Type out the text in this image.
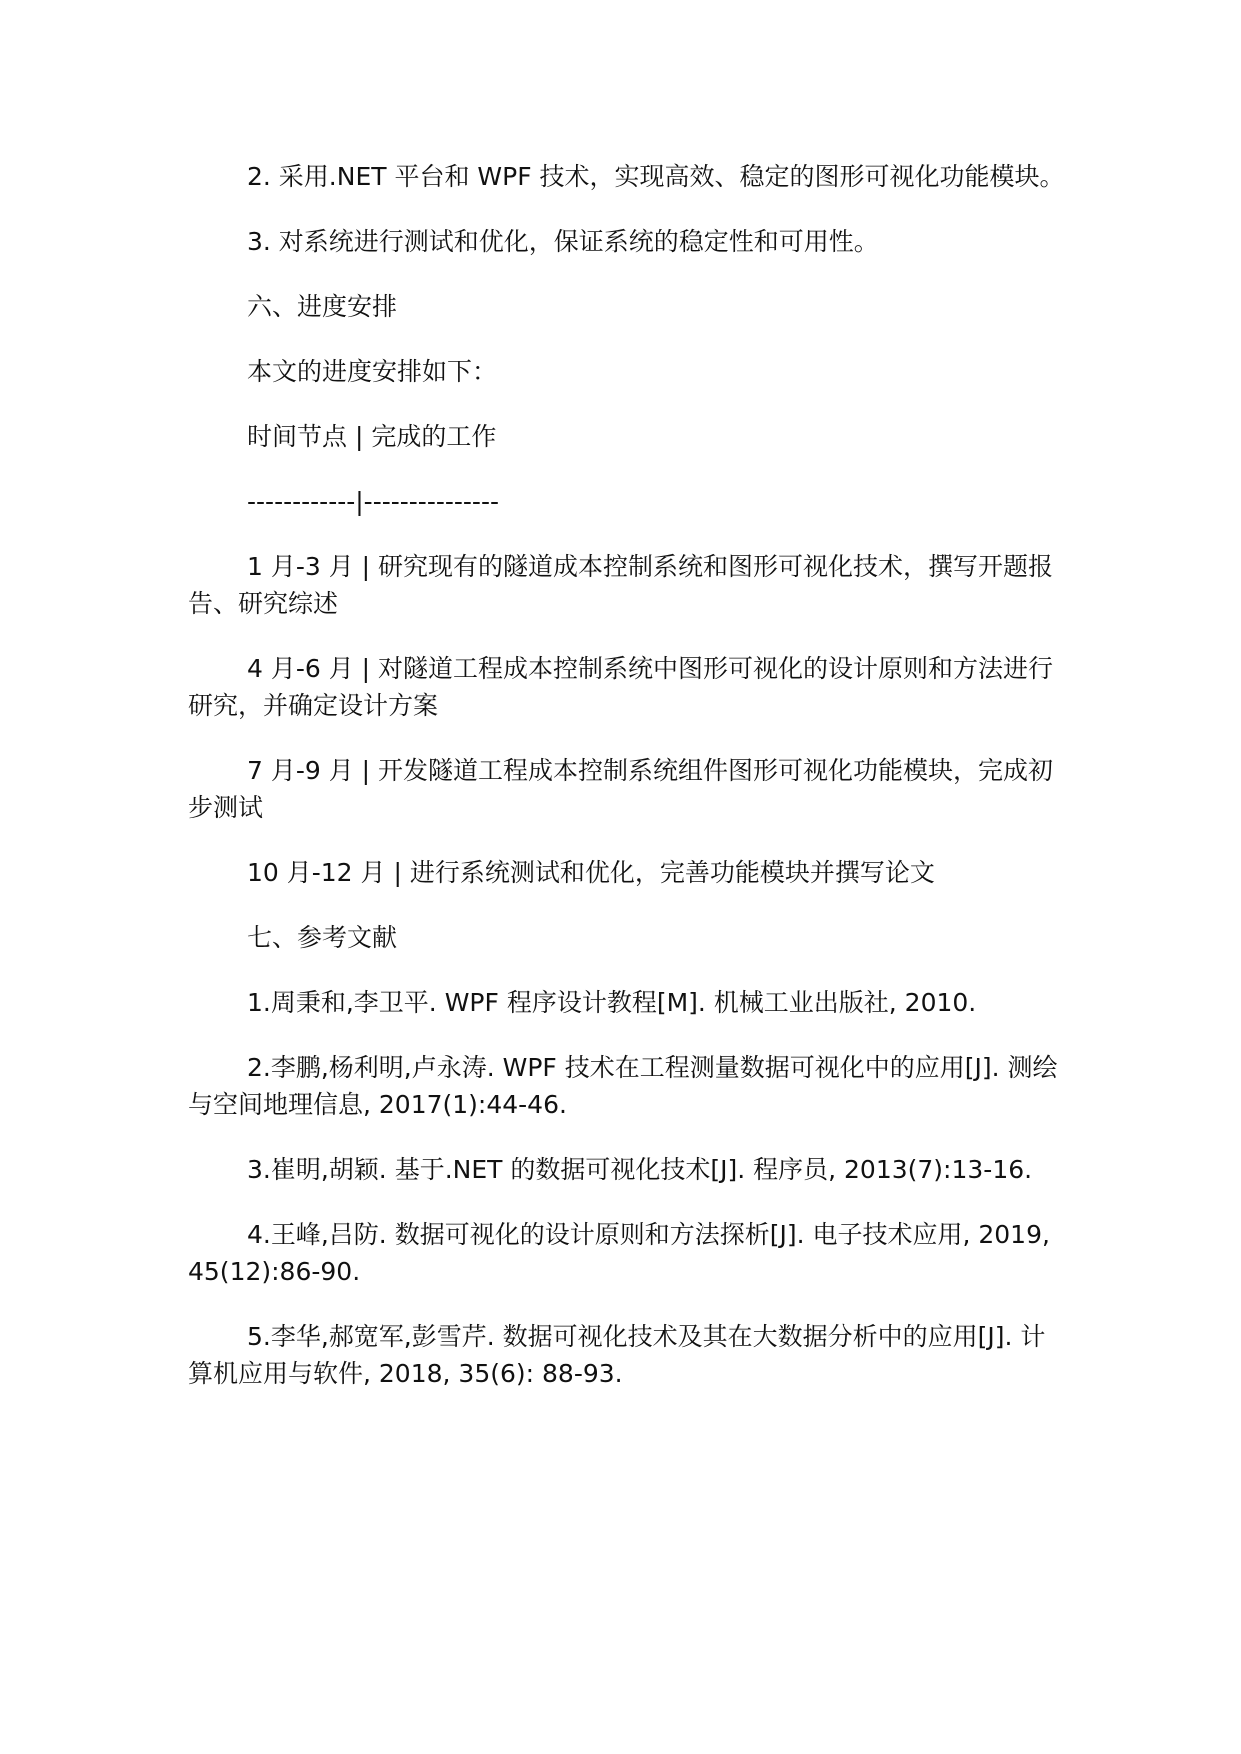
2. 采用.NET 平台和 WPF 技术，实现高效、稳定的图形可视化功能模块。

3. 对系统进行测试和优化，保证系统的稳定性和可用性。

六、进度安排

本文的进度安排如下：

时间节点 | 完成的工作

------------|---------------

1 月-3 月 | 研究现有的隧道成本控制系统和图形可视化技术，撰写开题报告、研究综述

4 月-6 月 | 对隧道工程成本控制系统中图形可视化的设计原则和方法进行研究，并确定设计方案

7 月-9 月 | 开发隧道工程成本控制系统组件图形可视化功能模块，完成初步测试

10 月-12 月 | 进行系统测试和优化，完善功能模块并撰写论文

七、参考文献

1.周秉和,李卫平. WPF 程序设计教程[M]. 机械工业出版社, 2010.

2.李鹏,杨利明,卢永涛. WPF 技术在工程测量数据可视化中的应用[J]. 测绘与空间地理信息, 2017(1):44-46.

3.崔明,胡颖. 基于.NET 的数据可视化技术[J]. 程序员, 2013(7):13-16.

4.王峰,吕防. 数据可视化的设计原则和方法探析[J]. 电子技术应用, 2019, 45(12):86-90.

5.李华,郝宽军,彭雪芹. 数据可视化技术及其在大数据分析中的应用[J]. 计算机应用与软件, 2018, 35(6): 88-93.
